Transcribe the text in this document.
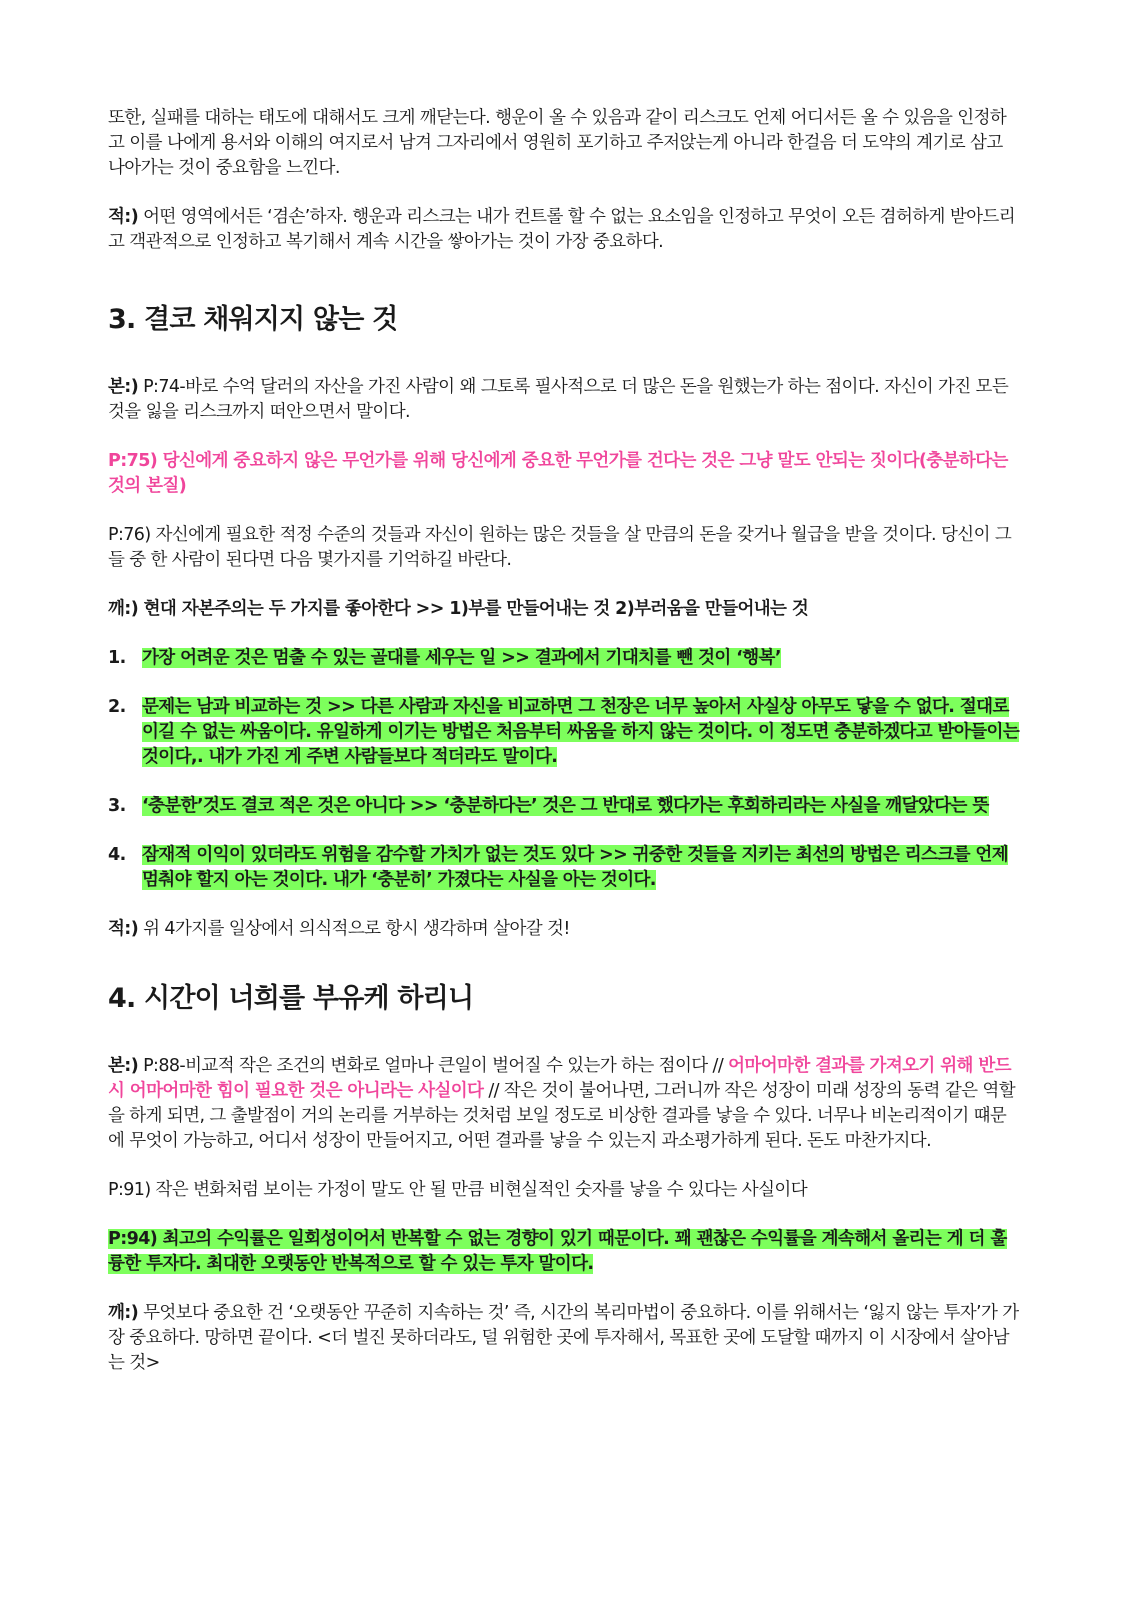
또한, 실패를 대하는 태도에 대해서도 크게 깨닫는다. 행운이 올 수 있음과 같이 리스크도 언제 어디서든 올 수 있음을 인정하고 이를 나에게 용서와 이해의 여지로서 남겨 그자리에서 영원히 포기하고 주저앉는게 아니라 한걸음 더 도약의 계기로 삼고 나아가는 것이 중요함을 느낀다.

적:) 어떤 영역에서든 ‘겸손’하자. 행운과 리스크는 내가 컨트롤 할 수 없는 요소임을 인정하고 무엇이 오든 겸허하게 받아드리고 객관적으로 인정하고 복기해서 계속 시간을 쌓아가는 것이 가장 중요하다.

3. 결코 채워지지 않는 것

본:) P:74-바로 수억 달러의 자산을 가진 사람이 왜 그토록 필사적으로 더 많은 돈을 원했는가 하는 점이다. 자신이 가진 모든 것을 잃을 리스크까지 떠안으면서 말이다.

P:75) 당신에게 중요하지 않은 무언가를 위해 당신에게 중요한 무언가를 건다는 것은 그냥 말도 안되는 짓이다(충분하다는 것의 본질)

P:76) 자신에게 필요한 적정 수준의 것들과 자신이 원하는 많은 것들을 살 만큼의 돈을 갖거나 월급을 받을 것이다. 당신이 그들 중 한 사람이 된다면 다음 몇가지를 기억하길 바란다.

깨:) 현대 자본주의는 두 가지를 좋아한다 >> 1)부를 만들어내는 것 2)부러움을 만들어내는 것

1. 가장 어려운 것은 멈출 수 있는 골대를 세우는 일 >> 결과에서 기대치를 뺀 것이 ‘행복’
2. 문제는 남과 비교하는 것 >> 다른 사람과 자신을 비교하면 그 천장은 너무 높아서 사실상 아무도 닿을 수 없다. 절대로 이길 수 없는 싸움이다. 유일하게 이기는 방법은 처음부터 싸움을 하지 않는 것이다. 이 정도면 충분하겠다고 받아들이는 것이다,. 내가 가진 게 주변 사람들보다 적더라도 말이다.
3. ‘충분한’것도 결코 적은 것은 아니다 >> ‘충분하다는’ 것은 그 반대로 했다가는 후회하리라는 사실을 깨달았다는 뜻
4. 잠재적 이익이 있더라도 위험을 감수할 가치가 없는 것도 있다 >> 귀중한 것들을 지키는 최선의 방법은 리스크를 언제 멈춰야 할지 아는 것이다. 내가 ‘충분히’ 가졌다는 사실을 아는 것이다.

적:) 위 4가지를 일상에서 의식적으로 항시 생각하며 살아갈 것!

4. 시간이 너희를 부유케 하리니

본:) P:88-비교적 작은 조건의 변화로 얼마나 큰일이 벌어질 수 있는가 하는 점이다 // 어마어마한 결과를 가져오기 위해 반드시 어마어마한 힘이 필요한 것은 아니라는 사실이다 // 작은 것이 불어나면, 그러니까 작은 성장이 미래 성장의 동력 같은 역할을 하게 되면, 그 출발점이 거의 논리를 거부하는 것처럼 보일 정도로 비상한 결과를 낳을 수 있다. 너무나 비논리적이기 떄문에 무엇이 가능하고, 어디서 성장이 만들어지고, 어떤 결과를 낳을 수 있는지 과소평가하게 된다. 돈도 마찬가지다.

P:91) 작은 변화처럼 보이는 가정이 말도 안 될 만큼 비현실적인 숫자를 낳을 수 있다는 사실이다

P:94) 최고의 수익률은 일회성이어서 반복할 수 없는 경향이 있기 때문이다. 꽤 괜찮은 수익률을 계속해서 올리는 게 더 훌륭한 투자다. 최대한 오랫동안 반복적으로 할 수 있는 투자 말이다.

깨:) 무엇보다 중요한 건 ‘오랫동안 꾸준히 지속하는 것’ 즉, 시간의 복리마법이 중요하다. 이를 위해서는 ‘잃지 않는 투자’가 가장 중요하다. 망하면 끝이다. <더 벌진 못하더라도, 덜 위험한 곳에 투자해서, 목표한 곳에 도달할 때까지 이 시장에서 살아남는 것>
